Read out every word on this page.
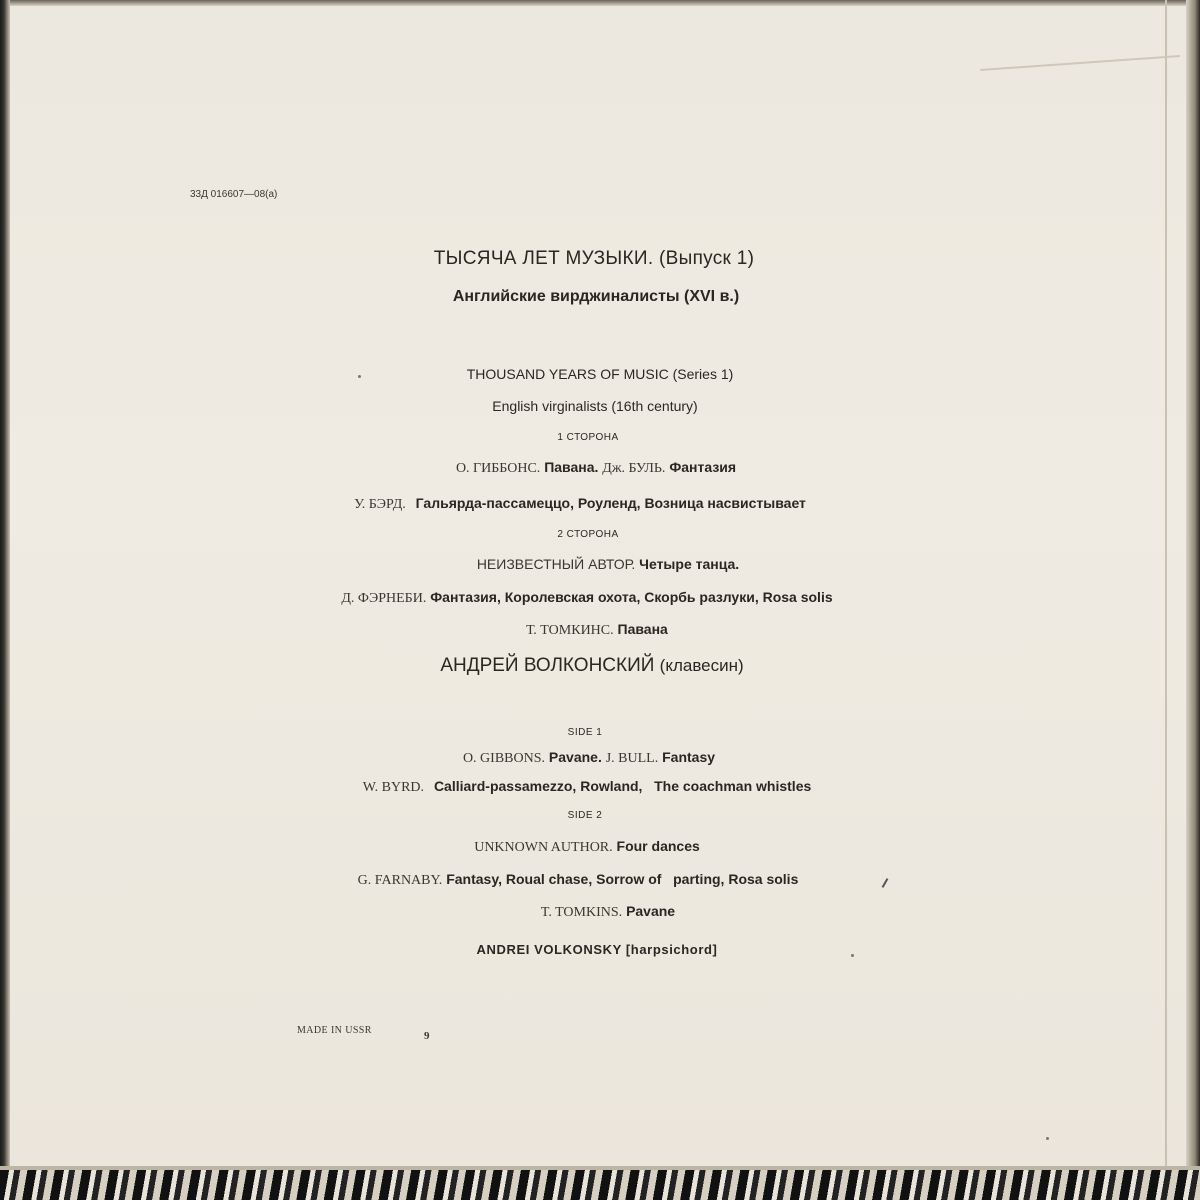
33Д 016607—08(а)
ТЫСЯЧА ЛЕТ МУЗЫКИ. (Выпуск 1)
Английские вирджиналисты (XVI в.)
THOUSAND YEARS OF MUSIC (Series 1)
English virginalists (16th century)
1 СТОРОНА
О. ГИББОНС. Павана. Дж. БУЛЬ. Фантазия
У. БЭРД. Гальярда-пассамеццо, Роуленд, Возница насвистывает
2 СТОРОНА
НЕИЗВЕСТНЫЙ АВТОР. Четыре танца.
Д. ФЭРНЕБИ. Фантазия, Королевская охота, Скорбь разлуки, Rosa solis
Т. ТОМКИНС. Павана
АНДРЕЙ ВОЛКОНСКИЙ (клавесин)
SIDE 1
O. GIBBONS. Pavane. J. BULL. Fantasy
W. BYRD. Calliard-passamezzo, Rowland,   The coachman whistles
SIDE 2
UNKNOWN AUTHOR. Four dances
G. FARNABY. Fantasy, Roual chase, Sorrow of   parting, Rosa solis
T. TOMKINS. Pavane
ANDREI VOLKONSKY [harpsichord]
MADE IN USSR	9
